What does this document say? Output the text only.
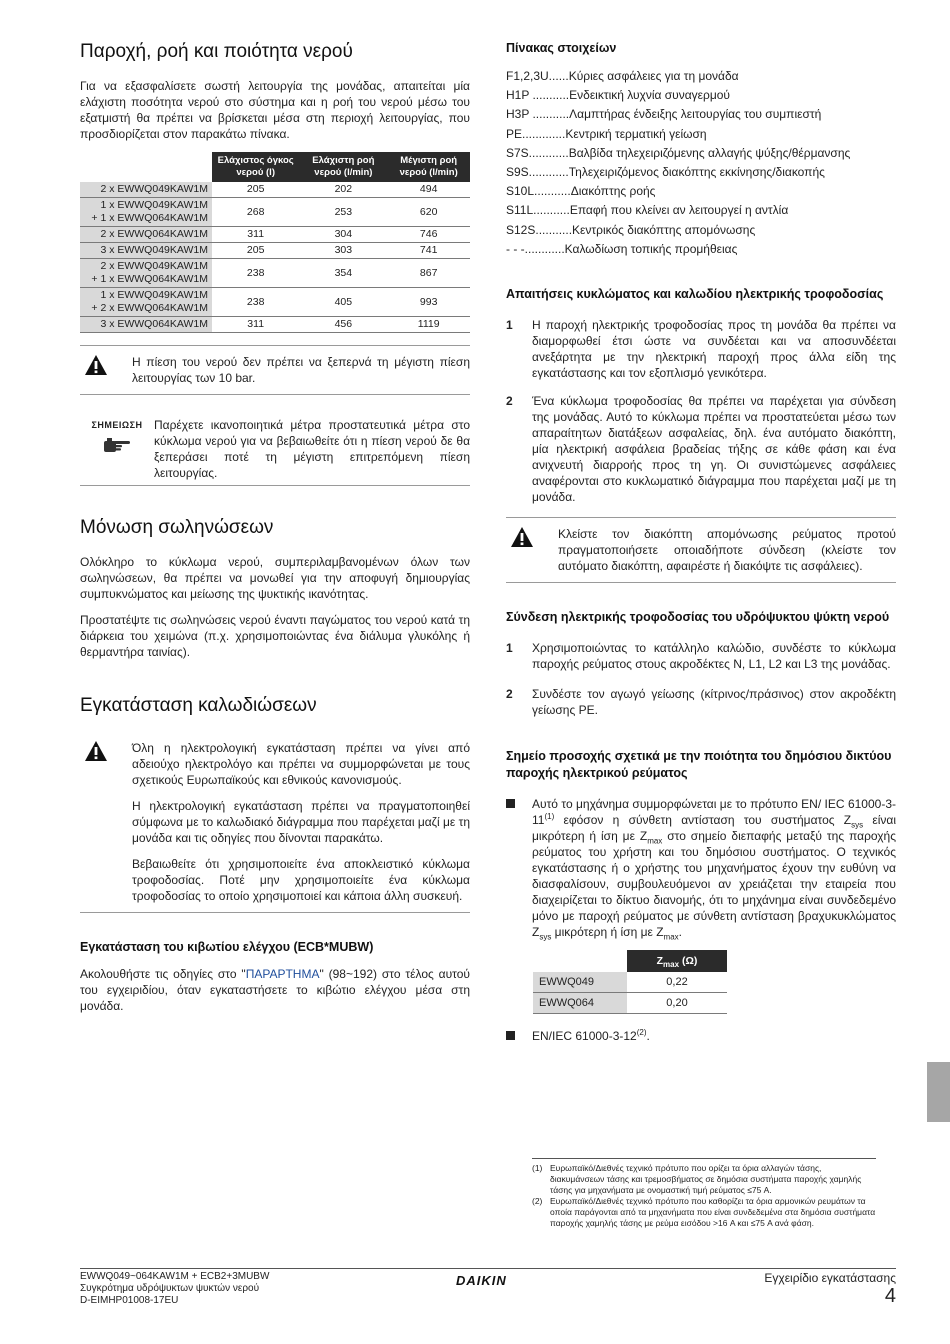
Παροχή, ροή και ποιότητα νερού

Για να εξασφαλίσετε σωστή λειτουργία της μονάδας, απαιτείται μία ελάχιστη ποσότητα νερού στο σύστημα και η ροή του νερού μέσω του εξατμιστή θα πρέπει να βρίσκεται μέσα στη περιοχή λειτουργίας, που προσδιορίζεται στον παρακάτω πίνακα.

	Ελάχιστος όγκος νερού (l)	Ελάχιστη ροή νερού (l/min)	Μέγιστη ροή νερού (l/min)
2 x EWWQ049KAW1M	205	202	494
1 x EWWQ049KAW1M
+ 1 x EWWQ064KAW1M	268	253	620
2 x EWWQ064KAW1M	311	304	746
3 x EWWQ049KAW1M	205	303	741
2 x EWWQ049KAW1M
+ 1 x EWWQ064KAW1M	238	354	867
1 x EWWQ049KAW1M
+ 2 x EWWQ064KAW1M	238	405	993
3 x EWWQ064KAW1M	311	456	1119

Η πίεση του νερού δεν πρέπει να ξεπερνά τη μέγιστη πίεση λειτουργίας των 10 bar.

ΣΗΜΕΙΩΣΗ Παρέχετε ικανοποιητικά μέτρα προστατευτικά μέτρα στο κύκλωμα νερού για να βεβαιωθείτε ότι η πίεση νερού δε θα ξεπεράσει ποτέ τη μέγιστη επιτρεπόμενη πίεση λειτουργίας.

Μόνωση σωληνώσεων

Ολόκληρο το κύκλωμα νερού, συμπεριλαμβανομένων όλων των σωληνώσεων, θα πρέπει να μονωθεί για την αποφυγή δημιουργίας συμπυκνώματος και μείωσης της ψυκτικής ικανότητας.

Προστατέψτε τις σωληνώσεις νερού έναντι παγώματος του νερού κατά τη διάρκεια του χειμώνα (π.χ. χρησιμοποιώντας ένα διάλυμα γλυκόλης ή θερμαντήρα ταινίας).

Εγκατάσταση καλωδιώσεων

Όλη η ηλεκτρολογική εγκατάσταση πρέπει να γίνει από αδειούχο ηλεκτρολόγο και πρέπει να συμμορφώνεται με τους σχετικούς Ευρωπαϊκούς και εθνικούς κανονισμούς.

Η ηλεκτρολογική εγκατάσταση πρέπει να πραγματοποιηθεί σύμφωνα με το καλωδιακό διάγραμμα που παρέχεται μαζί με τη μονάδα και τις οδηγίες που δίνονται παρακάτω.

Βεβαιωθείτε ότι χρησιμοποιείτε ένα αποκλειστικό κύκλωμα τροφοδοσίας. Ποτέ μην χρησιμοποιείτε ένα κύκλωμα τροφοδοσίας το οποίο χρησιμοποιεί και κάποια άλλη συσκευή.

Εγκατάσταση του κιβωτίου ελέγχου (ECB*MUBW)

Ακολουθήστε τις οδηγίες στο "ΠΑΡΑΡΤΗΜΑ" (98~192) στο τέλος αυτού του εγχειριδίου, όταν εγκαταστήσετε το κιβώτιο ελέγχου μέσα στη μονάδα.

Πίνακας στοιχείων
F1,2,3U...... Κύριες ασφάλειες για τη μονάδα
H1P ........... Ενδεικτική λυχνία συναγερμού
H3P ........... Λαμπτήρας ένδειξης λειτουργίας του συμπιεστή
PE............. Κεντρική τερματική γείωση
S7S............ Βαλβίδα τηλεχειριζόμενης αλλαγής ψύξης/θέρμανσης
S9S............ Τηλεχειριζόμενος διακόπτης εκκίνησης/διακοπής
S10L........... Διακόπτης ροής
S11L........... Επαφή που κλείνει αν λειτουργεί η αντλία
S12S........... Κεντρικός διακόπτης απομόνωσης
- - -............ Καλωδίωση τοπικής προμήθειας
Απαιτήσεις κυκλώματος και καλωδίου ηλεκτρικής τροφοδοσίας
1	Η παροχή ηλεκτρικής τροφοδοσίας προς τη μονάδα θα πρέπει να διαμορφωθεί έτσι ώστε να συνδέεται και να αποσυνδέεται ανεξάρτητα με την ηλεκτρική παροχή προς άλλα είδη της εγκατάστασης και τον εξοπλισμό γενικότερα.
2	Ένα κύκλωμα τροφοδοσίας θα πρέπει να παρέχεται για σύνδεση της μονάδας. Αυτό το κύκλωμα πρέπει να προστατεύεται μέσω των απαραίτητων διατάξεων ασφαλείας, δηλ. ένα αυτόματο διακόπτη, μία ηλεκτρική ασφάλεια βραδείας τήξης σε κάθε φάση και ένα ανιχνευτή διαρροής προς τη γη. Οι συνιστώμενες ασφάλειες αναφέρονται στο κυκλωματικό διάγραμμα που παρέχεται μαζί με τη μονάδα.

Κλείστε τον διακόπτη απομόνωσης ρεύματος προτού πραγματοποιήσετε οποιαδήποτε σύνδεση (κλείστε τον αυτόματο διακόπτη, αφαιρέστε ή διακόψτε τις ασφάλειες).

Σύνδεση ηλεκτρικής τροφοδοσίας του υδρόψυκτου ψύκτη νερού
1	Χρησιμοποιώντας το κατάλληλο καλώδιο, συνδέστε το κύκλωμα παροχής ρεύματος στους ακροδέκτες N, L1, L2 και L3 της μονάδας.
2	Συνδέστε τον αγωγό γείωσης (κίτρινος/πράσινος) στον ακροδέκτη γείωσης PE.
Σημείο προσοχής σχετικά με την ποιότητα του δημόσιου δικτύου παροχής ηλεκτρικού ρεύματος
Αυτό το μηχάνημα συμμορφώνεται με το πρότυπο EN/ IEC 61000-3-11$^{(1)}$ εφόσον η σύνθετη αντίσταση του συστήματος $Z_{sys}$ είναι μικρότερη ή ίση με $Z_{max}$ στο σημείο διεπαφής μεταξύ της παροχής ρεύματος του χρήστη και του δημόσιου συστήματος. Ο τεχνικός εγκατάστασης ή ο χρήστης του μηχανήματος έχουν την ευθύνη να διασφαλίσουν, συμβουλευόμενοι αν χρειάζεται την εταιρεία που διαχειρίζεται το δίκτυο διανομής, ότι το μηχάνημα είναι συνδεδεμένο μόνο με παροχή ρεύματος με σύνθετη αντίσταση βραχυκυκλώματος $Z_{sys}$ μικρότερη ή ίση με $Z_{max}$.
	$Z_{max}$ (Ω)
EWWQ049	0,22
EWWQ064	0,20
EN/IEC 61000-3-12$^{(2)}$.
(1) Ευρωπαϊκό/Διεθνές τεχνικό πρότυπο που ορίζει τα όρια αλλαγών τάσης, διακυμάνσεων τάσης και τρεμοσβήματος σε δημόσια συστήματα παροχής χαμηλής τάσης για μηχανήματα με ονομαστική τιμή ρεύματος ≤75 A.
(2) Ευρωπαϊκό/Διεθνές τεχνικό πρότυπο που καθορίζει τα όρια αρμονικών ρευμάτων τα οποία παράγονται από τα μηχανήματα που είναι συνδεδεμένα στα δημόσια συστήματα παροχής χαμηλής τάσης με ρεύμα εισόδου >16 A και ≤75 A ανά φάση.
EWWQ049~064KAW1M + ECB2+3MUBW
Συγκρότημα υδρόψυκτων ψυκτών νερού
D-EIMHP01008-17EU
DAIKIN	Εγχειρίδιο εγκατάστασης
4
